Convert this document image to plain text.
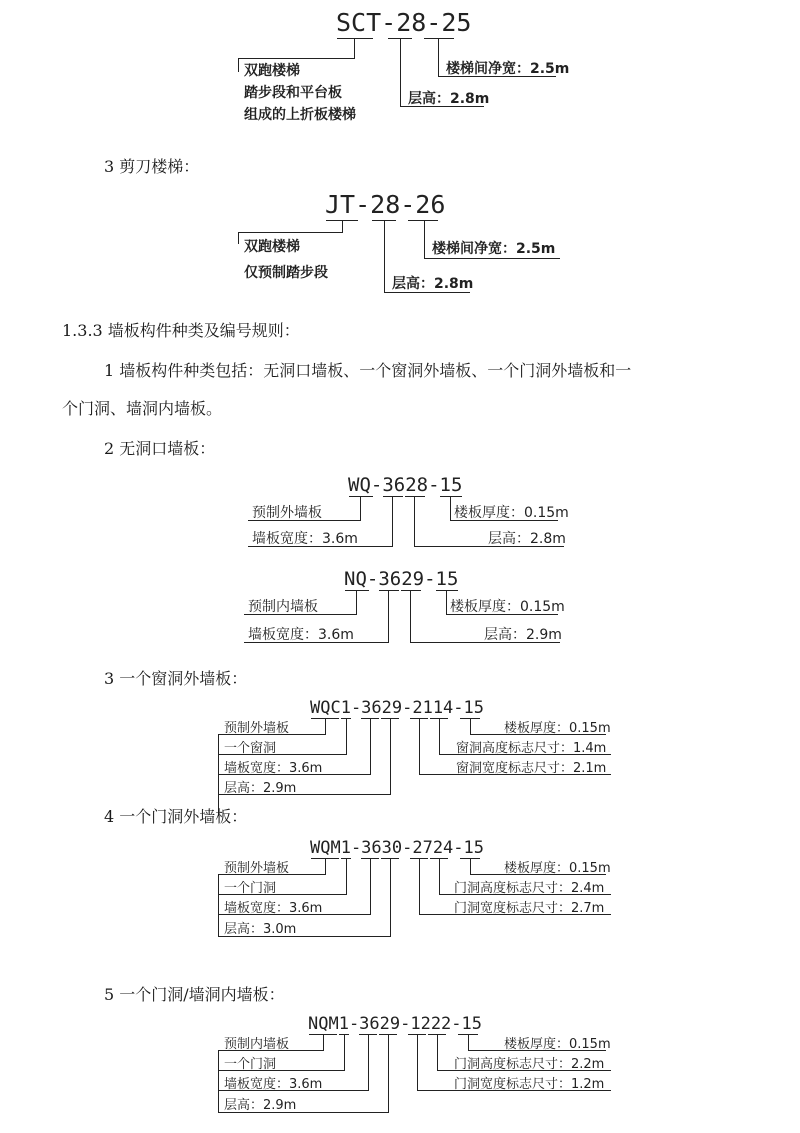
SCT-28-25
双跑楼梯
踏步段和平台板
组成的上折板楼梯
楼梯间净宽：2.5m
层高：2.8m
3 剪刀楼梯：
JT-28-26
双跑楼梯
仅预制踏步段
楼梯间净宽：2.5m
层高：2.8m
1.3.3 墙板构件种类及编号规则：
1 墙板构件种类包括：无洞口墙板、一个窗洞外墙板、一个门洞外墙板和一
个门洞、墙洞内墙板。
2 无洞口墙板：
WQ-3628-15
预制外墙板
墙板宽度：3.6m
楼板厚度：0.15m
层高：2.8m
NQ-3629-15
预制内墙板
墙板宽度：3.6m
楼板厚度：0.15m
层高：2.9m
3 一个窗洞外墙板：
WQC1-3629-2114-15
预制外墙板
一个窗洞
墙板宽度：3.6m
层高：2.9m
楼板厚度：0.15m
窗洞高度标志尺寸：1.4m
窗洞宽度标志尺寸：2.1m
4 一个门洞外墙板：
WQM1-3630-2724-15
预制外墙板
一个门洞
墙板宽度：3.6m
层高：3.0m
楼板厚度：0.15m
门洞高度标志尺寸：2.4m
门洞宽度标志尺寸：2.7m
5 一个门洞/墙洞内墙板：
NQM1-3629-1222-15
预制内墙板
一个门洞
墙板宽度：3.6m
层高：2.9m
楼板厚度：0.15m
门洞高度标志尺寸：2.2m
门洞宽度标志尺寸：1.2m
